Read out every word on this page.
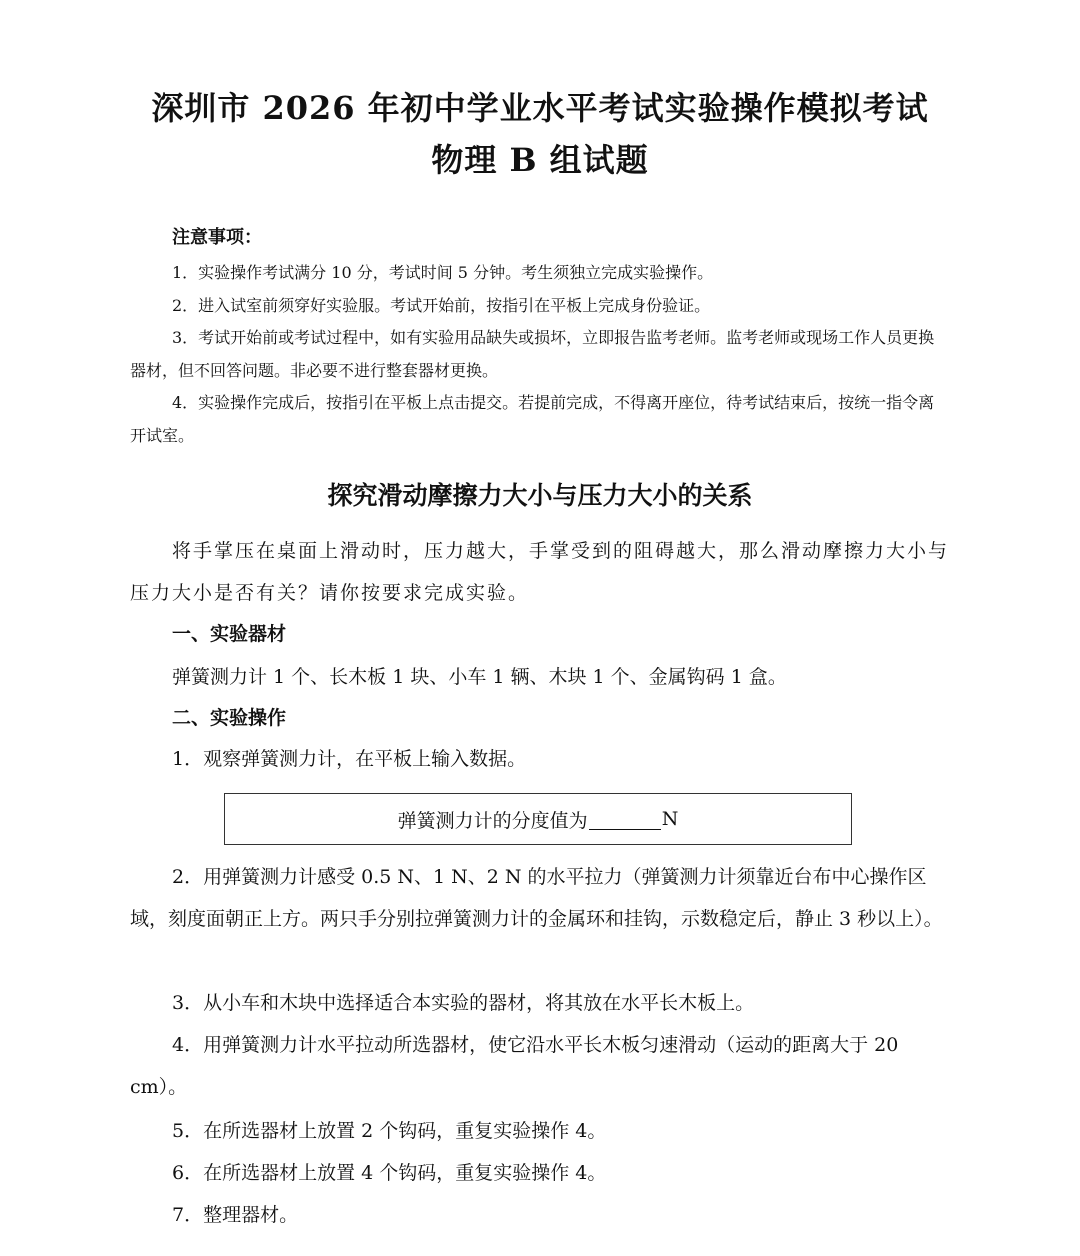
深圳市 2026 年初中学业水平考试实验操作模拟考试
物理 B 组试题
注意事项：

1．实验操作考试满分 10 分，考试时间 5 分钟。考生须独立完成实验操作。

2．进入试室前须穿好实验服。考试开始前，按指引在平板上完成身份验证。

3．考试开始前或考试过程中，如有实验用品缺失或损坏，立即报告监考老师。监考老师或现场工作人员更换器材，但不回答问题。非必要不进行整套器材更换。

4．实验操作完成后，按指引在平板上点击提交。若提前完成，不得离开座位，待考试结束后，按统一指令离开试室。

探究滑动摩擦力大小与压力大小的关系

将手掌压在桌面上滑动时，压力越大，手掌受到的阻碍越大，那么滑动摩擦力大小与压力大小是否有关？请你按要求完成实验。

一、实验器材

弹簧测力计 1 个、长木板 1 块、小车 1 辆、木块 1 个、金属钩码 1 盒。

二、实验操作

1．观察弹簧测力计，在平板上输入数据。

弹簧测力计的分度值为	N

2．用弹簧测力计感受 0.5 N、1 N、2 N 的水平拉力（弹簧测力计须靠近台布中心操作区域，刻度面朝正上方。两只手分别拉弹簧测力计的金属环和挂钩，示数稳定后，静止 3 秒以上）。

3．从小车和木块中选择适合本实验的器材，将其放在水平长木板上。

4．用弹簧测力计水平拉动所选器材，使它沿水平长木板匀速滑动（运动的距离大于 20 cm）。

5．在所选器材上放置 2 个钩码，重复实验操作 4。

6．在所选器材上放置 4 个钩码，重复实验操作 4。

7．整理器材。
